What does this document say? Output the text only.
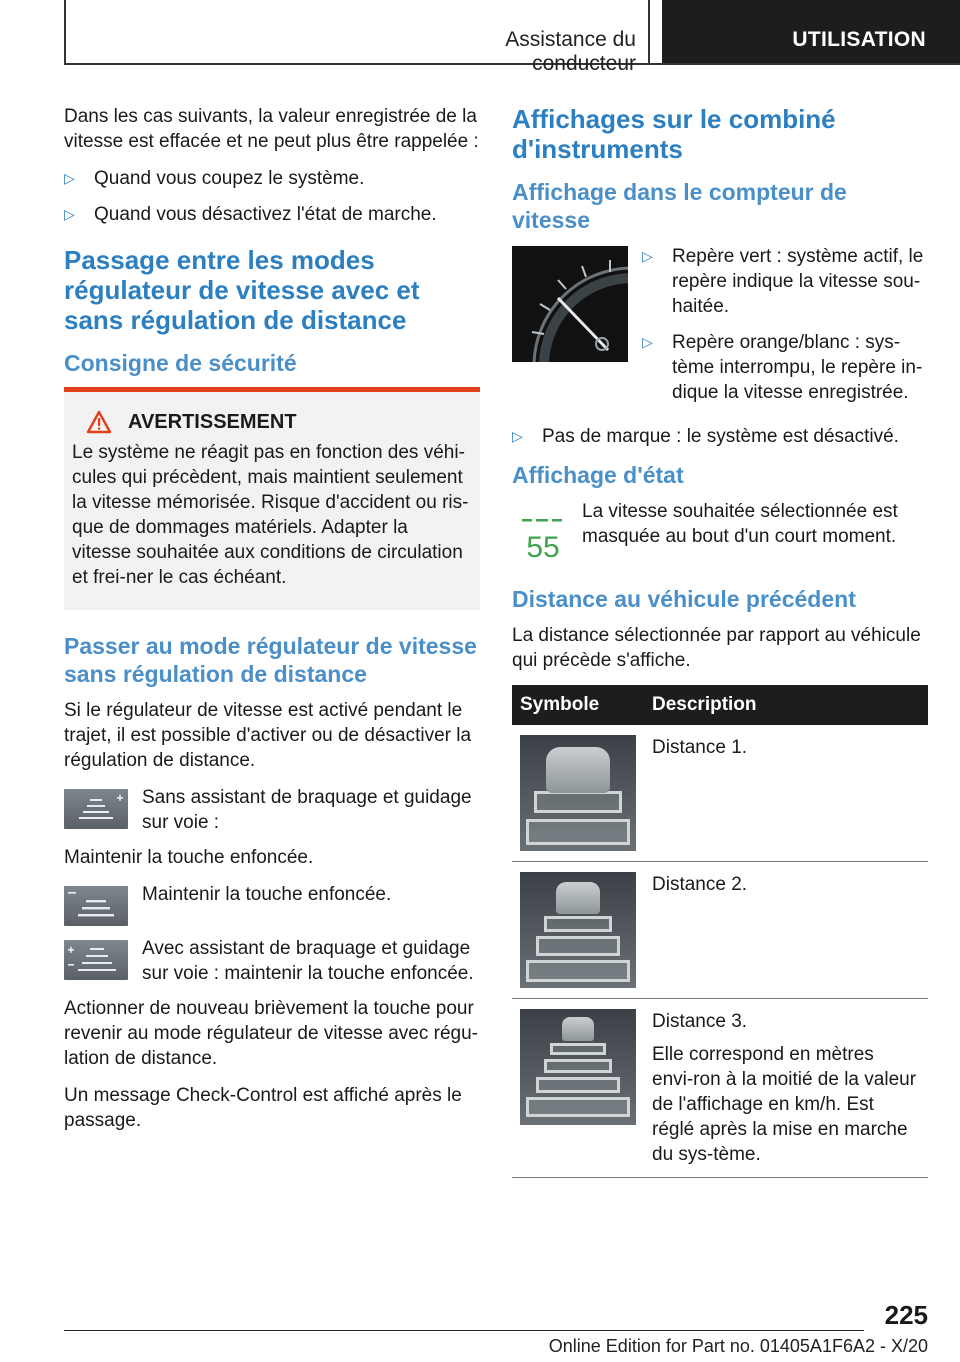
Assistance du conducteur
UTILISATION

Dans les cas suivants, la valeur enregistrée de la vitesse est effacée et ne peut plus être rappelée :

▷ Quand vous coupez le système.
▷ Quand vous désactivez l'état de marche.
Passage entre les modes régulateur de vitesse avec et sans régulation de distance
Consigne de sécurité
AVERTISSEMENT

Le système ne réagit pas en fonction des véhi-cules qui précèdent, mais maintient seulement la vitesse mémorisée. Risque d'accident ou ris-que de dommages matériels. Adapter la vitesse souhaitée aux conditions de circulation et frei-ner le cas échéant.

Passer au mode régulateur de vitesse sans régulation de distance

Si le régulateur de vitesse est activé pendant le trajet, il est possible d'activer ou de désactiver la régulation de distance.

Sans assistant de braquage et guidage sur voie :

Maintenir la touche enfoncée.

Maintenir la touche enfoncée.
Avec assistant de braquage et guidage sur voie : maintenir la touche enfoncée.

Actionner de nouveau brièvement la touche pour revenir au mode régulateur de vitesse avec régu-lation de distance.

Un message Check-Control est affiché après le passage.

Affichages sur le combiné d'instruments
Affichage dans le compteur de vitesse
▷ Repère vert : système actif, le repère indique la vitesse sou-haitée.
▷ Repère orange/blanc : sys-tème interrompu, le repère in-dique la vitesse enregistrée.
▷ Pas de marque : le système est désactivé.
Affichage d'état
55
La vitesse souhaitée sélectionnée est masquée au bout d'un court moment.
Distance au véhicule précédent

La distance sélectionnée par rapport au véhicule qui précède s'affiche.

Symbole	Description

	Distance 1.

	Distance 2.

	Distance 3.

Elle correspond en mètres envi-ron à la moitié de la valeur de l'affichage en km/h. Est réglé après la mise en marche du sys-tème.

225
Online Edition for Part no. 01405A1F6A2 - X/20
